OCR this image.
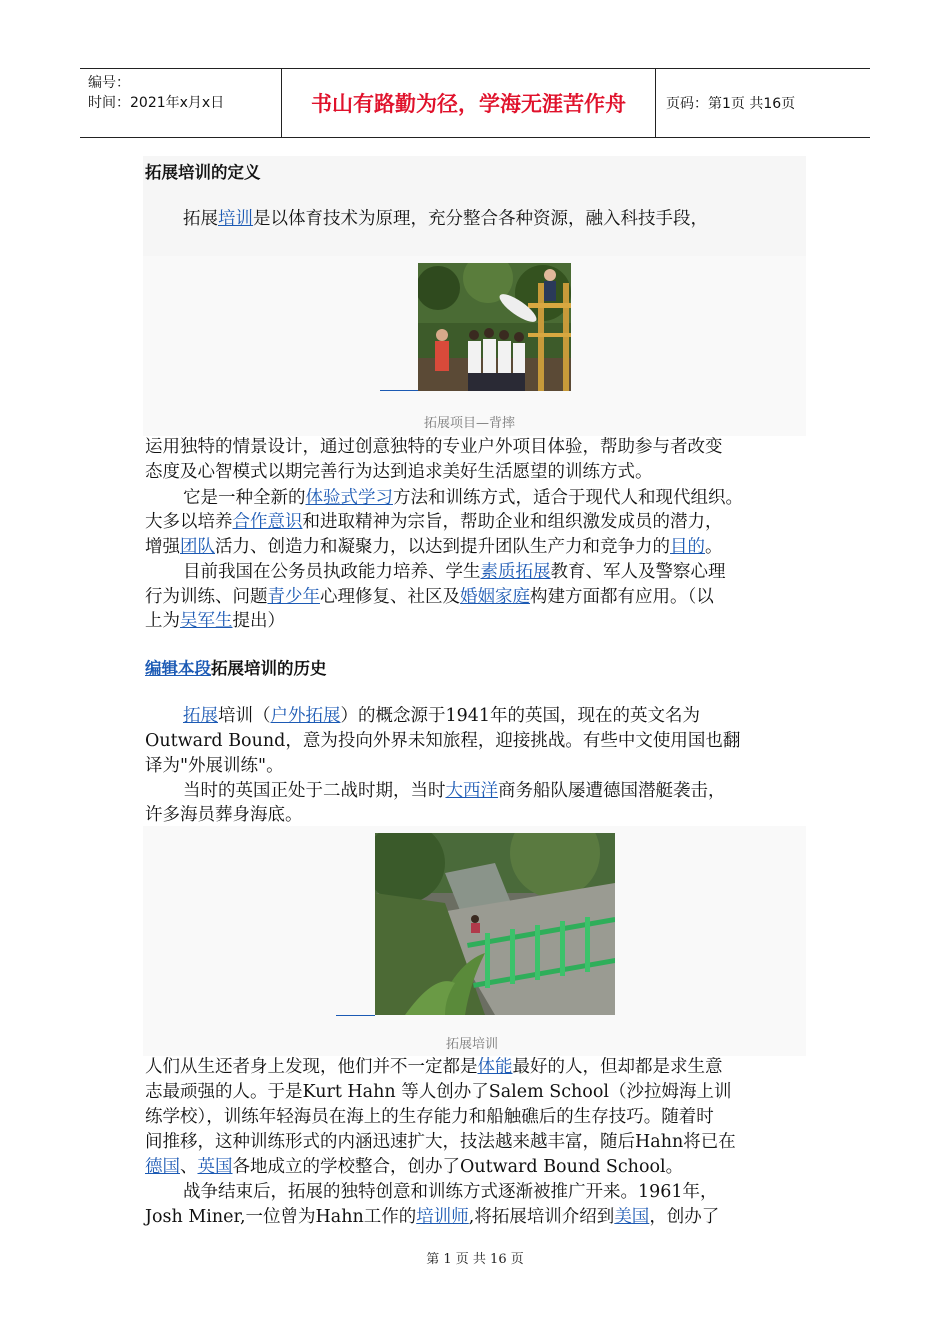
编号：
时间：2021年x月x日	书山有路勤为径，学海无涯苦作舟	页码：第1页 共16页
拓展培训的定义
拓展培训是以体育技术为原理，充分整合各种资源，融入科技手段，
拓展项目—背摔
运用独特的情景设计，通过创意独特的专业户外项目体验，帮助参与者改变
态度及心智模式以期完善行为达到追求美好生活愿望的训练方式。
它是一种全新的体验式学习方法和训练方式，适合于现代人和现代组织。
大多以培养合作意识和进取精神为宗旨，帮助企业和组织激发成员的潜力，
增强团队活力、创造力和凝聚力，以达到提升团队生产力和竞争力的目的。
目前我国在公务员执政能力培养、学生素质拓展教育、军人及警察心理
行为训练、问题青少年心理修复、社区及婚姻家庭构建方面都有应用。（以
上为吴军生提出）
编辑本段拓展培训的历史
拓展培训（户外拓展）的概念源于1941年的英国，现在的英文名为
Outward Bound，意为投向外界未知旅程，迎接挑战。有些中文使用国也翻
译为"外展训练"。
当时的英国正处于二战时期，当时大西洋商务船队屡遭德国潜艇袭击，
许多海员葬身海底。
拓展培训
人们从生还者身上发现，他们并不一定都是体能最好的人，但却都是求生意
志最顽强的人。于是Kurt Hahn 等人创办了Salem School（沙拉姆海上训
练学校），训练年轻海员在海上的生存能力和船触礁后的生存技巧。随着时
间推移，这种训练形式的内涵迅速扩大，技法越来越丰富，随后Hahn将已在
德国、英国各地成立的学校整合，创办了Outward Bound School。
战争结束后，拓展的独特创意和训练方式逐渐被推广开来。1961年，
Josh Miner,一位曾为Hahn工作的培训师,将拓展培训介绍到美国，创办了
第 1 页 共 16 页
